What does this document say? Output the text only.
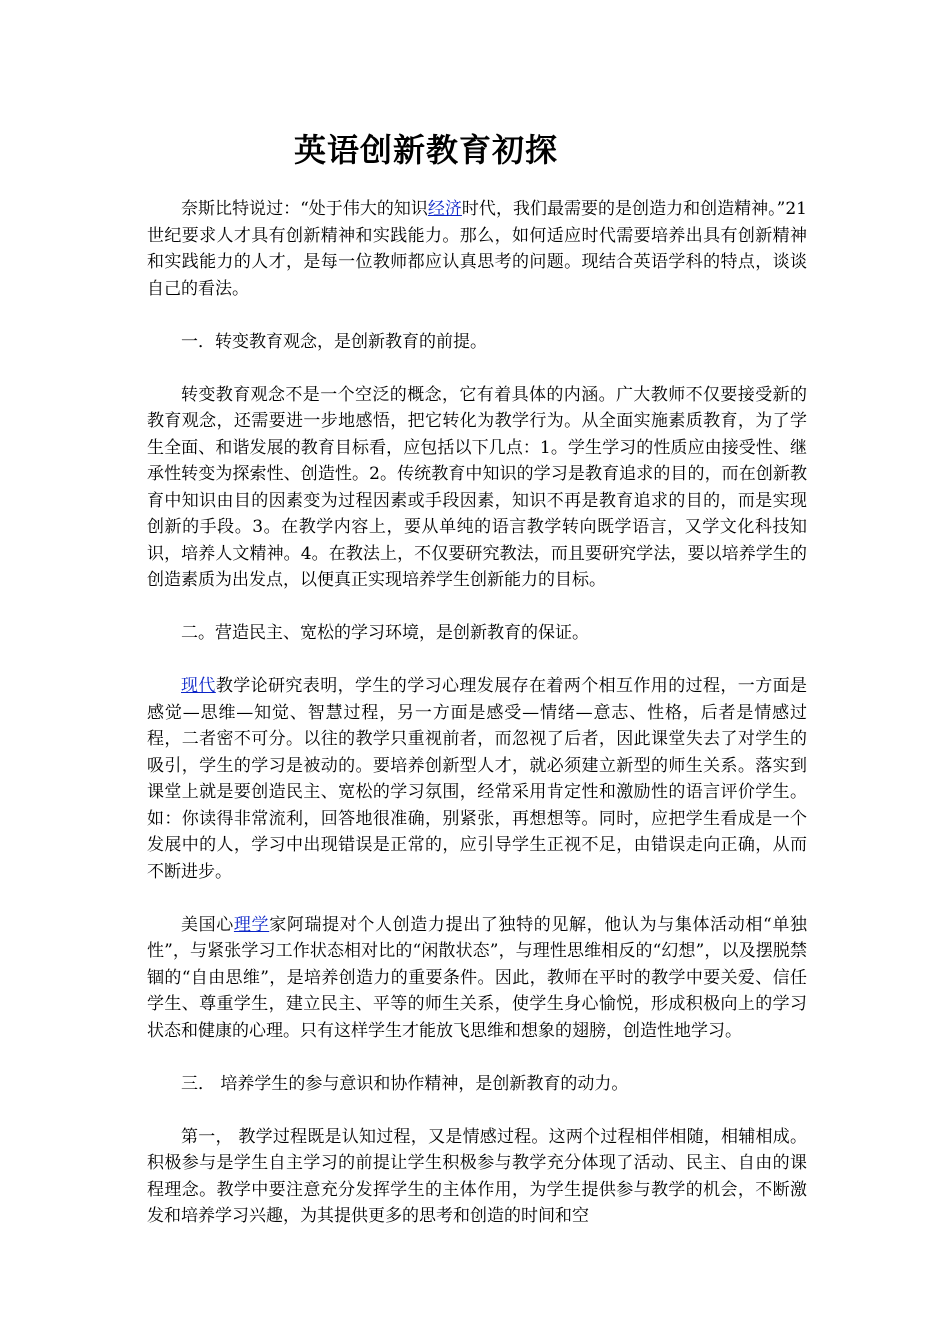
英语创新教育初探

奈斯比特说过：“处于伟大的知识经济时代，我们最需要的是创造力和创造精神。”21世纪要求人才具有创新精神和实践能力。那么，如何适应时代需要培养出具有创新精神和实践能力的人才，是每一位教师都应认真思考的问题。现结合英语学科的特点，谈谈自己的看法。

一．转变教育观念，是创新教育的前提。

转变教育观念不是一个空泛的概念，它有着具体的内涵。广大教师不仅要接受新的教育观念，还需要进一步地感悟，把它转化为教学行为。从全面实施素质教育，为了学生全面、和谐发展的教育目标看，应包括以下几点：1。学生学习的性质应由接受性、继承性转变为探索性、创造性。2。传统教育中知识的学习是教育追求的目的，而在创新教育中知识由目的因素变为过程因素或手段因素，知识不再是教育追求的目的，而是实现创新的手段。3。在教学内容上，要从单纯的语言教学转向既学语言，又学文化科技知识，培养人文精神。4。在教法上，不仅要研究教法，而且要研究学法，要以培养学生的创造素质为出发点，以便真正实现培养学生创新能力的目标。

二。营造民主、宽松的学习环境，是创新教育的保证。

现代教学论研究表明，学生的学习心理发展存在着两个相互作用的过程，一方面是感觉—思维—知觉、智慧过程，另一方面是感受—情绪—意志、性格，后者是情感过程，二者密不可分。以往的教学只重视前者，而忽视了后者，因此课堂失去了对学生的吸引，学生的学习是被动的。要培养创新型人才，就必须建立新型的师生关系。落实到课堂上就是要创造民主、宽松的学习氛围，经常采用肯定性和激励性的语言评价学生。如：你读得非常流利，回答地很准确，别紧张，再想想等。同时，应把学生看成是一个发展中的人，学习中出现错误是正常的，应引导学生正视不足，由错误走向正确，从而不断进步。

美国心理学家阿瑞提对个人创造力提出了独特的见解，他认为与集体活动相“单独性”，与紧张学习工作状态相对比的“闲散状态”，与理性思维相反的“幻想”，以及摆脱禁锢的“自由思维”，是培养创造力的重要条件。因此，教师在平时的教学中要关爱、信任学生、尊重学生，建立民主、平等的师生关系，使学生身心愉悦，形成积极向上的学习状态和健康的心理。只有这样学生才能放飞思维和想象的翅膀，创造性地学习。

三． 培养学生的参与意识和协作精神，是创新教育的动力。

第一， 教学过程既是认知过程，又是情感过程。这两个过程相伴相随，相辅相成。积极参与是学生自主学习的前提让学生积极参与教学充分体现了活动、民主、自由的课程理念。教学中要注意充分发挥学生的主体作用，为学生提供参与教学的机会，不断激发和培养学习兴趣，为其提供更多的思考和创造的时间和空
